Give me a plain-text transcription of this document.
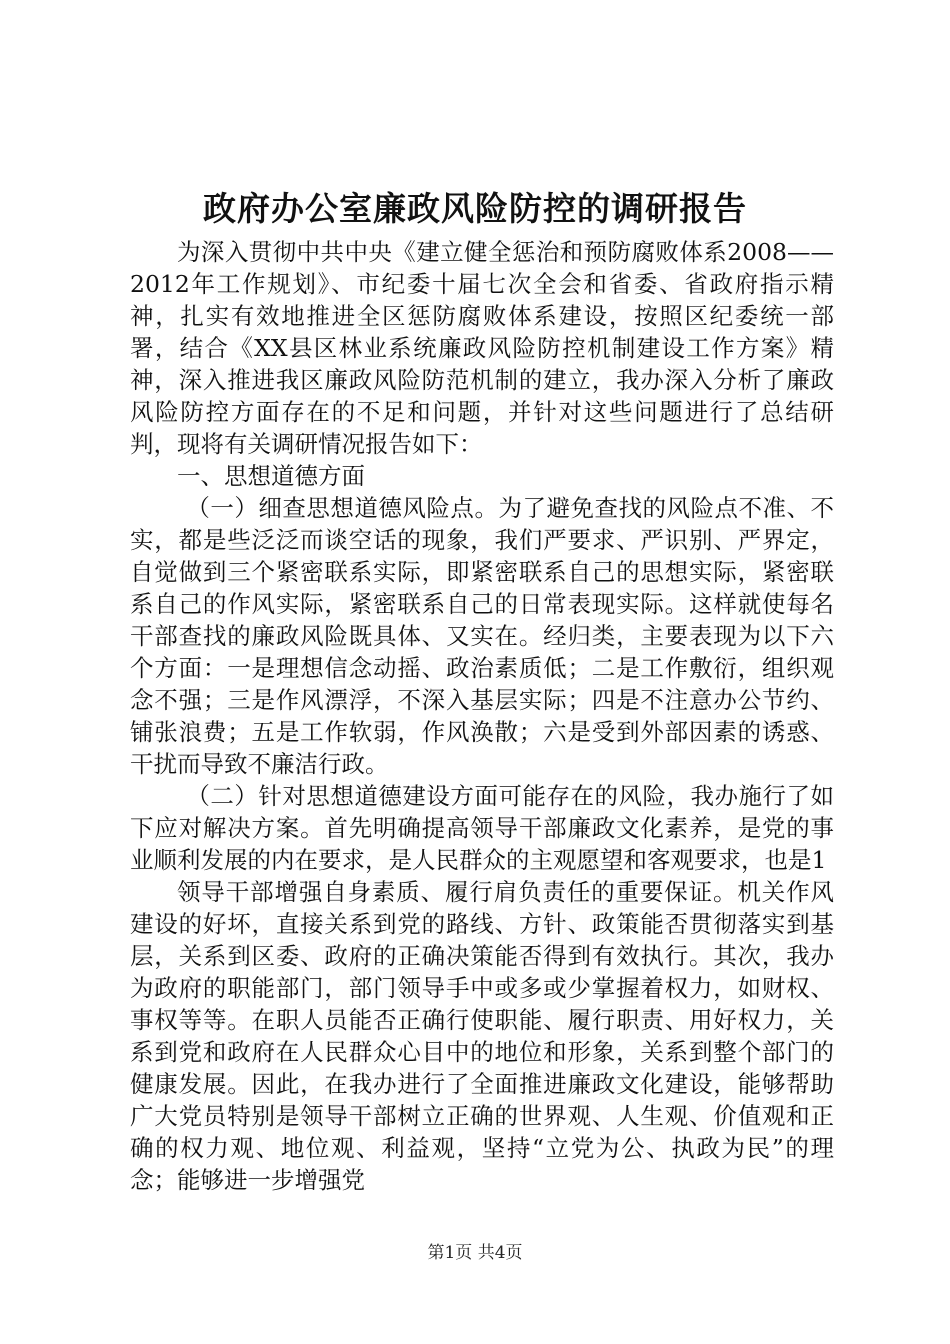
政府办公室廉政风险防控的调研报告

为深入贯彻中共中央《建立健全惩治和预防腐败体系2008——2012年工作规划》、市纪委十届七次全会和省委、省政府指示精神，扎实有效地推进全区惩防腐败体系建设，按照区纪委统一部署，结合《XX县区林业系统廉政风险防控机制建设工作方案》精神，深入推进我区廉政风险防范机制的建立，我办深入分析了廉政风险防控方面存在的不足和问题，并针对这些问题进行了总结研判，现将有关调研情况报告如下：

一、思想道德方面

（一）细查思想道德风险点。为了避免查找的风险点不准、不实，都是些泛泛而谈空话的现象，我们严要求、严识别、严界定，自觉做到三个紧密联系实际，即紧密联系自己的思想实际，紧密联系自己的作风实际，紧密联系自己的日常表现实际。这样就使每名干部查找的廉政风险既具体、又实在。经归类，主要表现为以下六个方面：一是理想信念动摇、政治素质低；二是工作敷衍，组织观念不强；三是作风漂浮，不深入基层实际；四是不注意办公节约、铺张浪费；五是工作软弱，作风涣散；六是受到外部因素的诱惑、干扰而导致不廉洁行政。

（二）针对思想道德建设方面可能存在的风险，我办施行了如下应对解决方案。首先明确提高领导干部廉政文化素养，是党的事业顺利发展的内在要求，是人民群众的主观愿望和客观要求，也是1

领导干部增强自身素质、履行肩负责任的重要保证。机关作风建设的好坏，直接关系到党的路线、方针、政策能否贯彻落实到基层，关系到区委、政府的正确决策能否得到有效执行。其次，我办为政府的职能部门，部门领导手中或多或少掌握着权力，如财权、事权等等。在职人员能否正确行使职能、履行职责、用好权力，关系到党和政府在人民群众心目中的地位和形象，关系到整个部门的健康发展。因此，在我办进行了全面推进廉政文化建设，能够帮助广大党员特别是领导干部树立正确的世界观、人生观、价值观和正确的权力观、地位观、利益观，坚持“立党为公、执政为民”的理念；能够进一步增强党

第1页 共4页
